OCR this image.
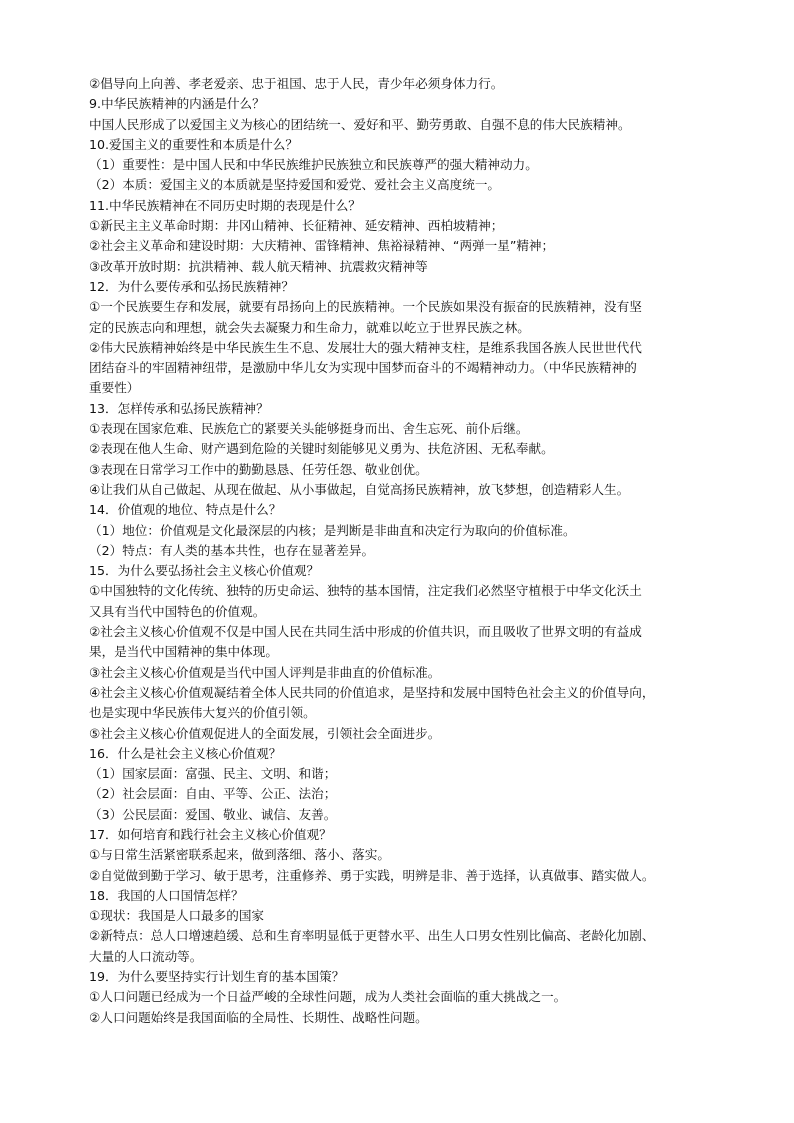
②倡导向上向善、孝老爱亲、忠于祖国、忠于人民，青少年必须身体力行。
9.中华民族精神的内涵是什么？
中国人民形成了以爱国主义为核心的团结统一、爱好和平、勤劳勇敢、自强不息的伟大民族精神。
10.爱国主义的重要性和本质是什么？
（1）重要性：是中国人民和中华民族维护民族独立和民族尊严的强大精神动力。
（2）本质：爱国主义的本质就是坚持爱国和爱党、爱社会主义高度统一。
11.中华民族精神在不同历史时期的表现是什么？
①新民主主义革命时期：井冈山精神、长征精神、延安精神、西柏坡精神；
②社会主义革命和建设时期：大庆精神、雷锋精神、焦裕禄精神、“两弹一星”精神；
③改革开放时期：抗洪精神、载人航天精神、抗震救灾精神等
12．为什么要传承和弘扬民族精神？
①一个民族要生存和发展，就要有昂扬向上的民族精神。一个民族如果没有振奋的民族精神，没有坚
定的民族志向和理想，就会失去凝聚力和生命力，就难以屹立于世界民族之林。
②伟大民族精神始终是中华民族生生不息、发展壮大的强大精神支柱，是维系我国各族人民世世代代
团结奋斗的牢固精神纽带，是激励中华儿女为实现中国梦而奋斗的不竭精神动力。（中华民族精神的
重要性）
13．怎样传承和弘扬民族精神？
①表现在国家危难、民族危亡的紧要关头能够挺身而出、舍生忘死、前仆后继。
②表现在他人生命、财产遇到危险的关键时刻能够见义勇为、扶危济困、无私奉献。
③表现在日常学习工作中的勤勤恳恳、任劳任怨、敬业创优。
④让我们从自己做起、从现在做起、从小事做起，自觉高扬民族精神，放飞梦想，创造精彩人生。
14．价值观的地位、特点是什么？
（1）地位：价值观是文化最深层的内核；是判断是非曲直和决定行为取向的价值标准。
（2）特点：有人类的基本共性，也存在显著差异。
15．为什么要弘扬社会主义核心价值观？
①中国独特的文化传统、独特的历史命运、独特的基本国情，注定我们必然坚守植根于中华文化沃土
又具有当代中国特色的价值观。
②社会主义核心价值观不仅是中国人民在共同生活中形成的价值共识，而且吸收了世界文明的有益成
果，是当代中国精神的集中体现。
③社会主义核心价值观是当代中国人评判是非曲直的价值标准。
④社会主义核心价值观凝结着全体人民共同的价值追求，是坚持和发展中国特色社会主义的价值导向，
也是实现中华民族伟大复兴的价值引领。
⑤社会主义核心价值观促进人的全面发展，引领社会全面进步。
16．什么是社会主义核心价值观？
（1）国家层面：富强、民主、文明、和谐；
（2）社会层面：自由、平等、公正、法治；
（3）公民层面：爱国、敬业、诚信、友善。
17．如何培育和践行社会主义核心价值观？
①与日常生活紧密联系起来，做到落细、落小、落实。
②自觉做到勤于学习、敏于思考，注重修养、勇于实践，明辨是非、善于选择，认真做事、踏实做人。
18．我国的人口国情怎样？
①现状：我国是人口最多的国家
②新特点：总人口增速趋缓、总和生育率明显低于更替水平、出生人口男女性别比偏高、老龄化加剧、
大量的人口流动等。
19．为什么要坚持实行计划生育的基本国策？
①人口问题已经成为一个日益严峻的全球性问题，成为人类社会面临的重大挑战之一。
②人口问题始终是我国面临的全局性、长期性、战略性问题。
